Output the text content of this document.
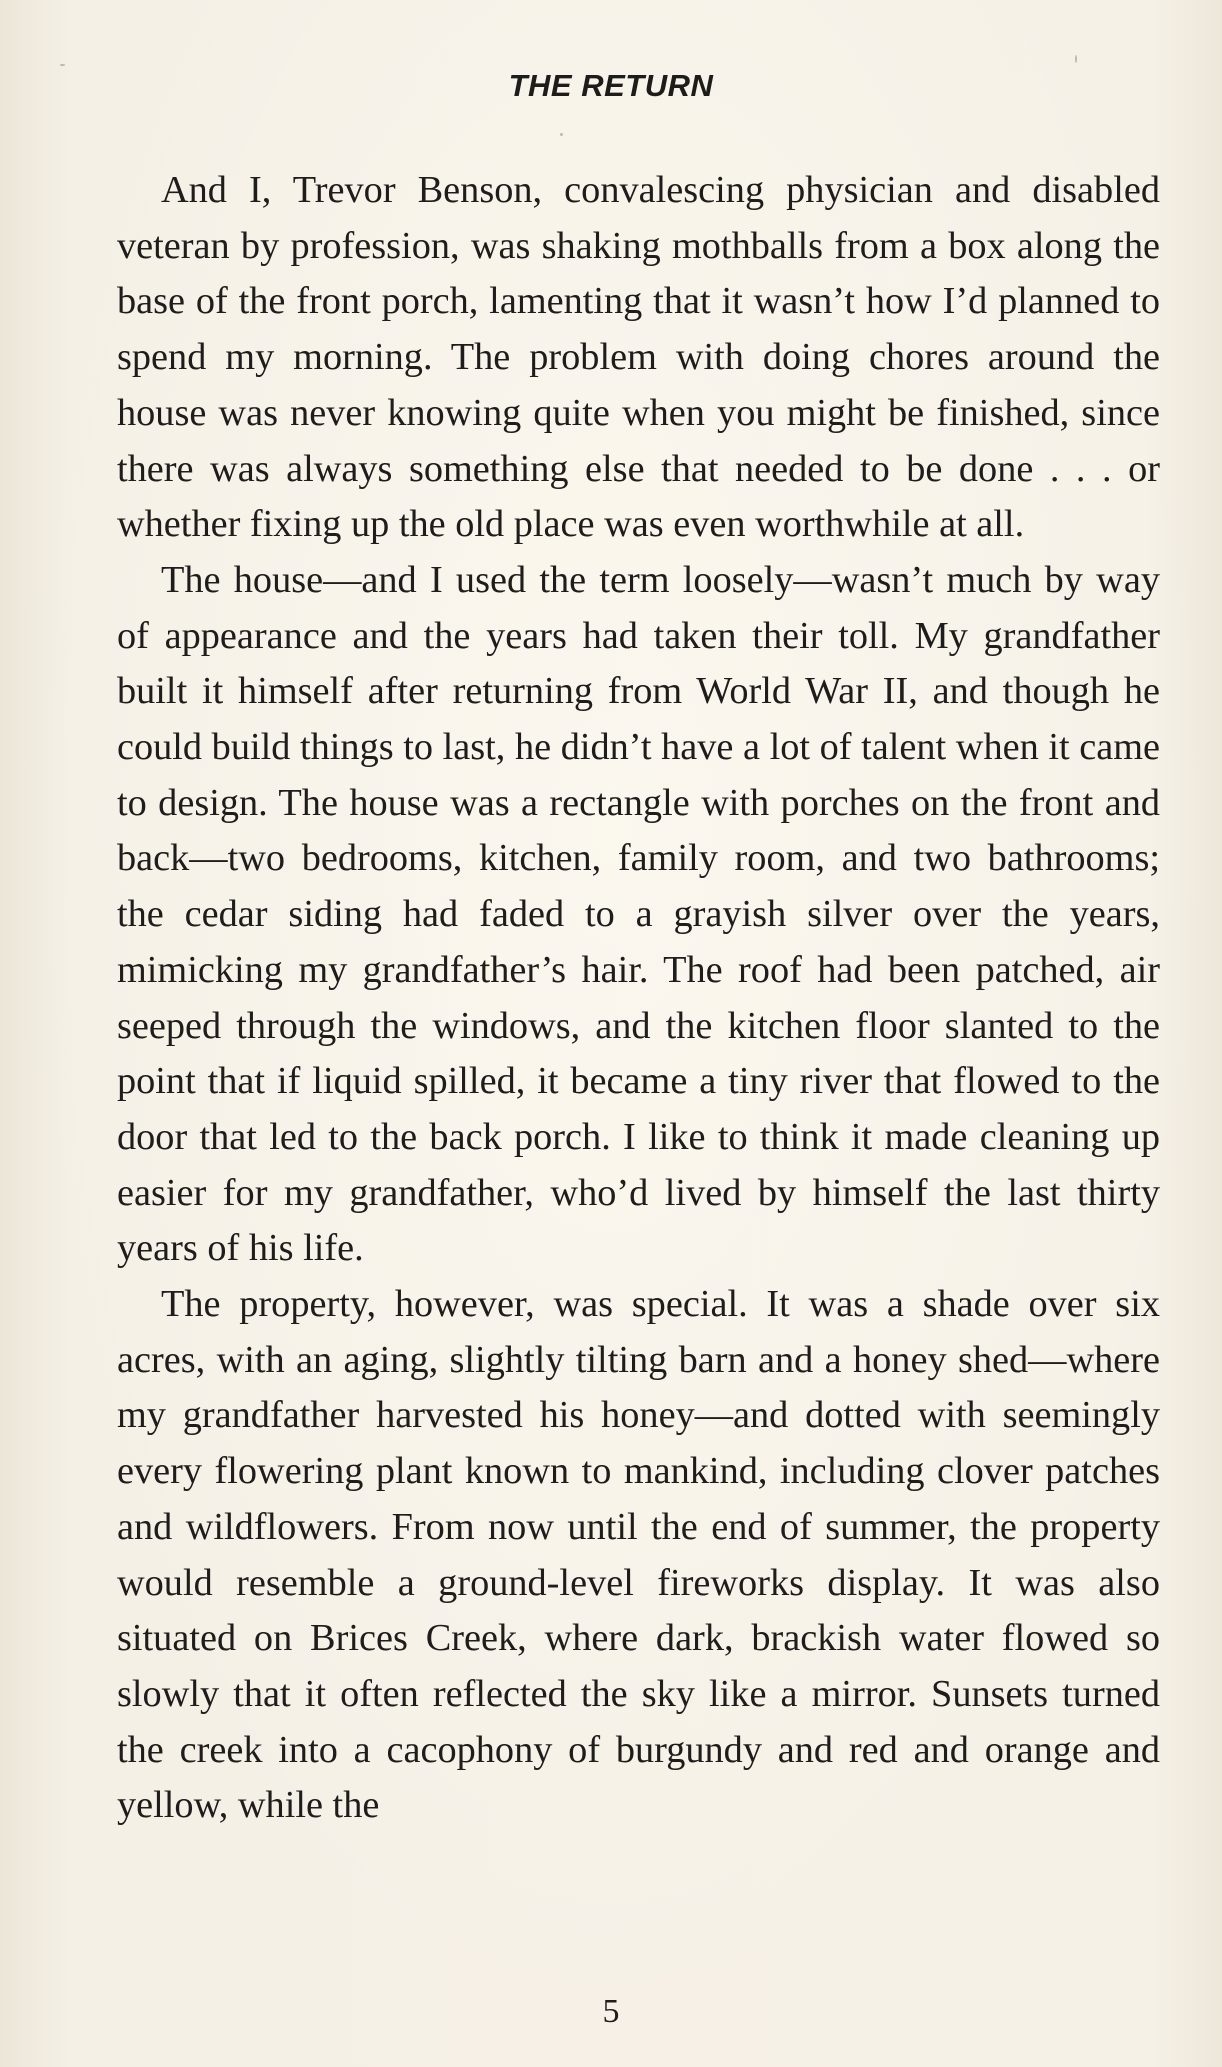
THE RETURN

And I, Trevor Benson, convalescing physician and disabled veteran by profession, was shaking mothballs from a box along the base of the front porch, lamenting that it wasn’t how I’d planned to spend my morning. The problem with doing chores around the house was never knowing quite when you might be finished, since there was always something else that needed to be done . . . or whether fixing up the old place was even worthwhile at all.

The house—and I used the term loosely—wasn’t much by way of appearance and the years had taken their toll. My grandfather built it himself after returning from World War II, and though he could build things to last, he didn’t have a lot of talent when it came to design. The house was a rectangle with porches on the front and back—two bedrooms, kitchen, family room, and two bathrooms; the cedar siding had faded to a grayish silver over the years, mimicking my grandfather’s hair. The roof had been patched, air seeped through the windows, and the kitchen floor slanted to the point that if liquid spilled, it became a tiny river that flowed to the door that led to the back porch. I like to think it made cleaning up easier for my grandfather, who’d lived by himself the last thirty years of his life.

The property, however, was special. It was a shade over six acres, with an aging, slightly tilting barn and a honey shed—where my grandfather harvested his honey—and dotted with seemingly every flowering plant known to mankind, including clover patches and wildflowers. From now until the end of summer, the property would resemble a ground-level fireworks display. It was also situated on Brices Creek, where dark, brackish water flowed so slowly that it often reflected the sky like a mirror. Sunsets turned the creek into a cacophony of burgundy and red and orange and yellow, while the

5
